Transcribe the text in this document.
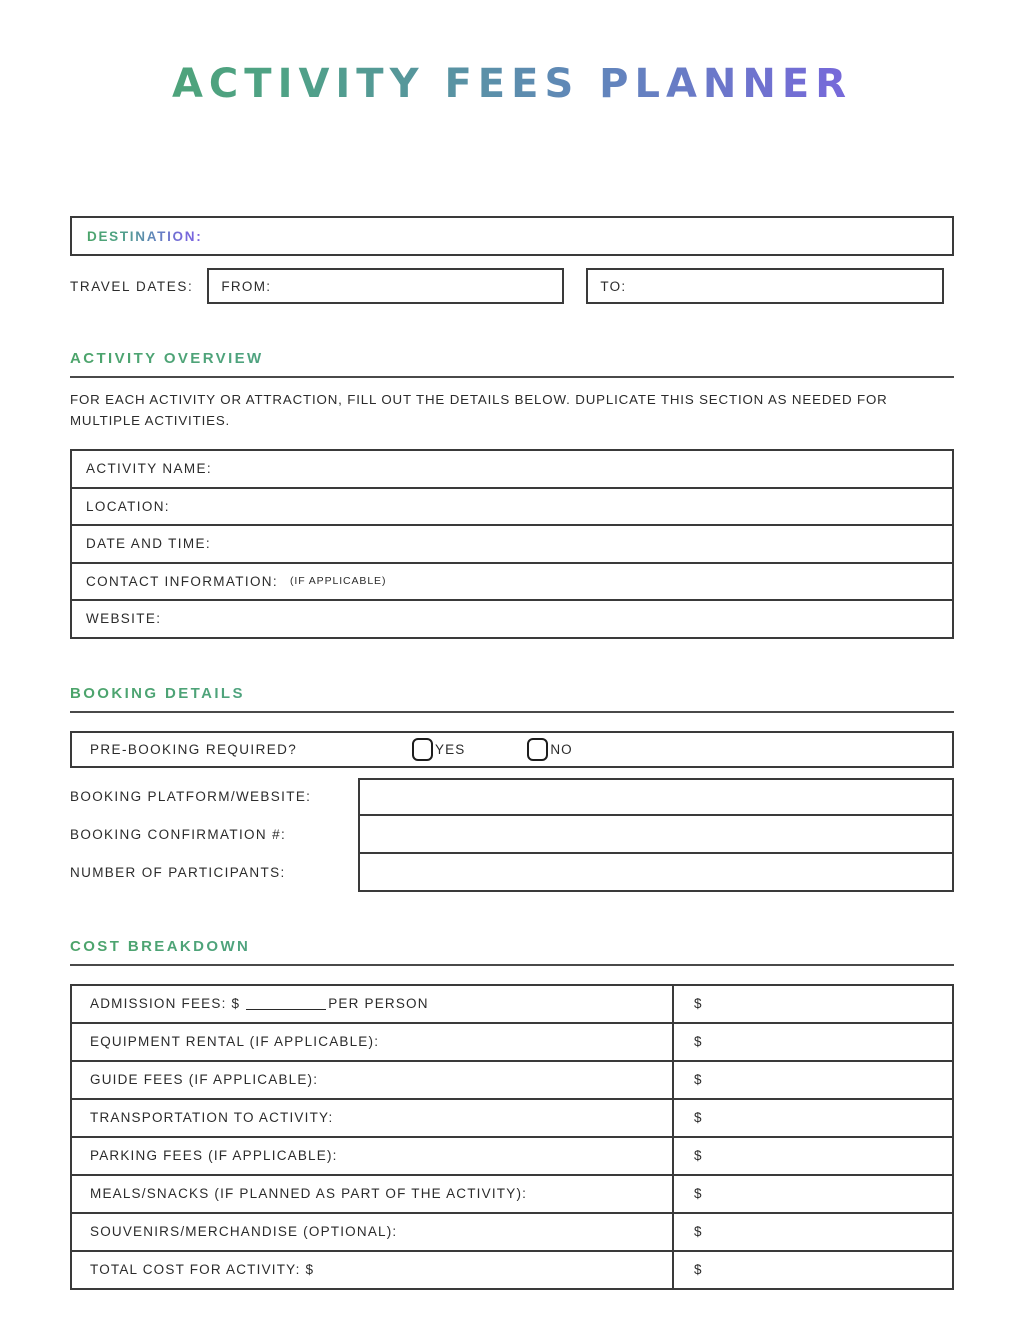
ACTIVITY FEES PLANNER
DESTINATION:
TRAVEL DATES:	FROM:	TO:
ACTIVITY OVERVIEW
FOR EACH ACTIVITY OR ATTRACTION, FILL OUT THE DETAILS BELOW. DUPLICATE THIS SECTION AS NEEDED FOR MULTIPLE ACTIVITIES.
ACTIVITY NAME:
LOCATION:
DATE AND TIME:
CONTACT INFORMATION: (IF APPLICABLE)
WEBSITE:
BOOKING DETAILS
PRE-BOOKING REQUIRED?	YES	NO
BOOKING PLATFORM/WEBSITE:
BOOKING CONFIRMATION #:
NUMBER OF PARTICIPANTS:
COST BREAKDOWN
ADMISSION FEES: $	PER PERSON	$
EQUIPMENT RENTAL (IF APPLICABLE):	$
GUIDE FEES (IF APPLICABLE):	$
TRANSPORTATION TO ACTIVITY:	$
PARKING FEES (IF APPLICABLE):	$
MEALS/SNACKS (IF PLANNED AS PART OF THE ACTIVITY):	$
SOUVENIRS/MERCHANDISE (OPTIONAL):	$
TOTAL COST FOR ACTIVITY: $	$
